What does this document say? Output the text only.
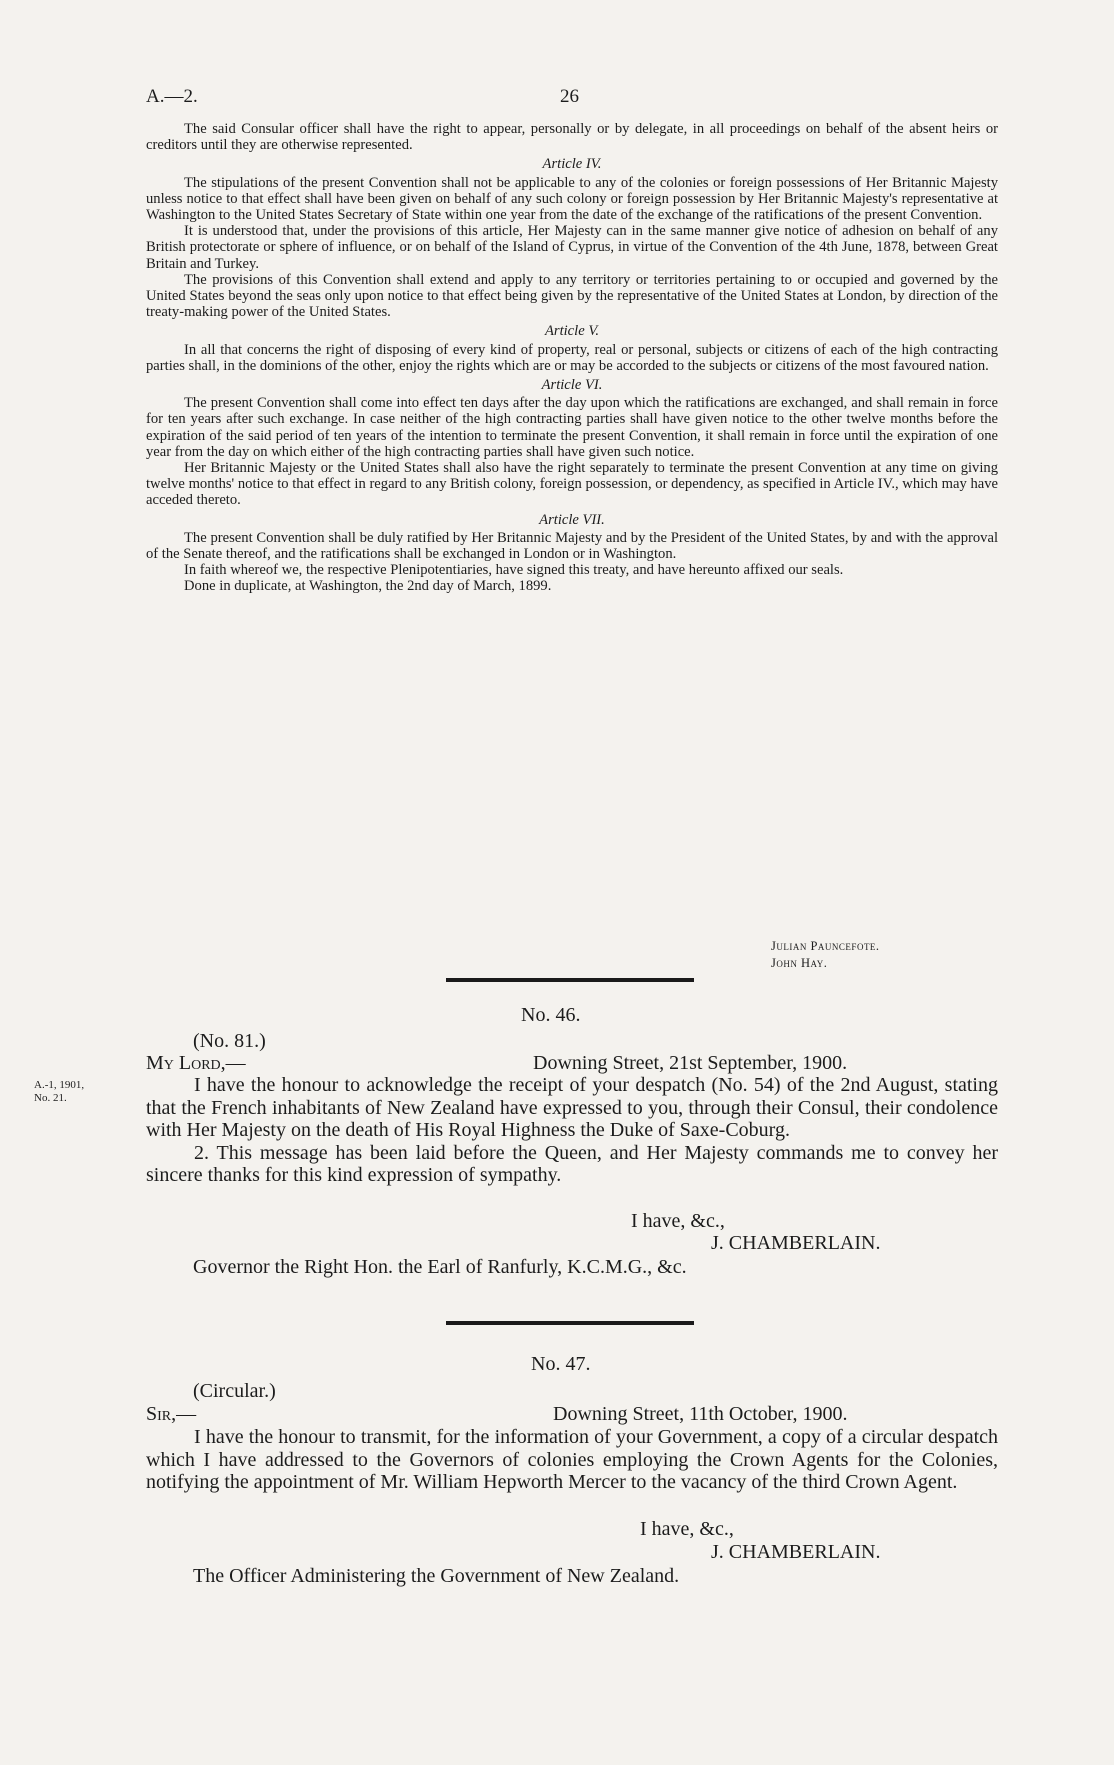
A.—2.	26

The said Consular officer shall have the right to appear, personally or by delegate, in all proceedings on behalf of the absent heirs or creditors until they are otherwise represented.

Article IV.

The stipulations of the present Convention shall not be applicable to any of the colonies or foreign possessions of Her Britannic Majesty unless notice to that effect shall have been given on behalf of any such colony or foreign possession by Her Britannic Majesty's representative at Washington to the United States Secretary of State within one year from the date of the exchange of the ratifications of the present Convention.

It is understood that, under the provisions of this article, Her Majesty can in the same manner give notice of adhesion on behalf of any British protectorate or sphere of influence, or on behalf of the Island of Cyprus, in virtue of the Convention of the 4th June, 1878, between Great Britain and Turkey.

The provisions of this Convention shall extend and apply to any territory or territories pertaining to or occupied and governed by the United States beyond the seas only upon notice to that effect being given by the representative of the United States at London, by direction of the treaty-making power of the United States.

Article V.

In all that concerns the right of disposing of every kind of property, real or personal, subjects or citizens of each of the high contracting parties shall, in the dominions of the other, enjoy the rights which are or may be accorded to the subjects or citizens of the most favoured nation.

Article VI.

The present Convention shall come into effect ten days after the day upon which the ratifications are exchanged, and shall remain in force for ten years after such exchange. In case neither of the high contracting parties shall have given notice to the other twelve months before the expiration of the said period of ten years of the intention to terminate the present Convention, it shall remain in force until the expiration of one year from the day on which either of the high contracting parties shall have given such notice.

Her Britannic Majesty or the United States shall also have the right separately to terminate the present Convention at any time on giving twelve months' notice to that effect in regard to any British colony, foreign possession, or dependency, as specified in Article IV., which may have acceded thereto.

Article VII.

The present Convention shall be duly ratified by Her Britannic Majesty and by the President of the United States, by and with the approval of the Senate thereof, and the ratifications shall be exchanged in London or in Washington.

In faith whereof we, the respective Plenipotentiaries, have signed this treaty, and have hereunto affixed our seals.

Done in duplicate, at Washington, the 2nd day of March, 1899.

Julian Pauncefote.
John Hay.
No. 46.
(No. 81.)
My Lord,—	Downing Street, 21st September, 1900.
A.-1, 1901,
No. 21.

I have the honour to acknowledge the receipt of your despatch (No. 54) of the 2nd August, stating that the French inhabitants of New Zealand have expressed to you, through their Consul, their condolence with Her Majesty on the death of His Royal Highness the Duke of Saxe-Coburg.

2. This message has been laid before the Queen, and Her Majesty commands me to convey her sincere thanks for this kind expression of sympathy.

I have, &c.,
J. CHAMBERLAIN.
Governor the Right Hon. the Earl of Ranfurly, K.C.M.G., &c.
No. 47.
(Circular.)
Sir,—	Downing Street, 11th October, 1900.

I have the honour to transmit, for the information of your Government, a copy of a circular despatch which I have addressed to the Governors of colonies employing the Crown Agents for the Colonies, notifying the appointment of Mr. William Hepworth Mercer to the vacancy of the third Crown Agent.

I have, &c.,
J. CHAMBERLAIN.
The Officer Administering the Government of New Zealand.
